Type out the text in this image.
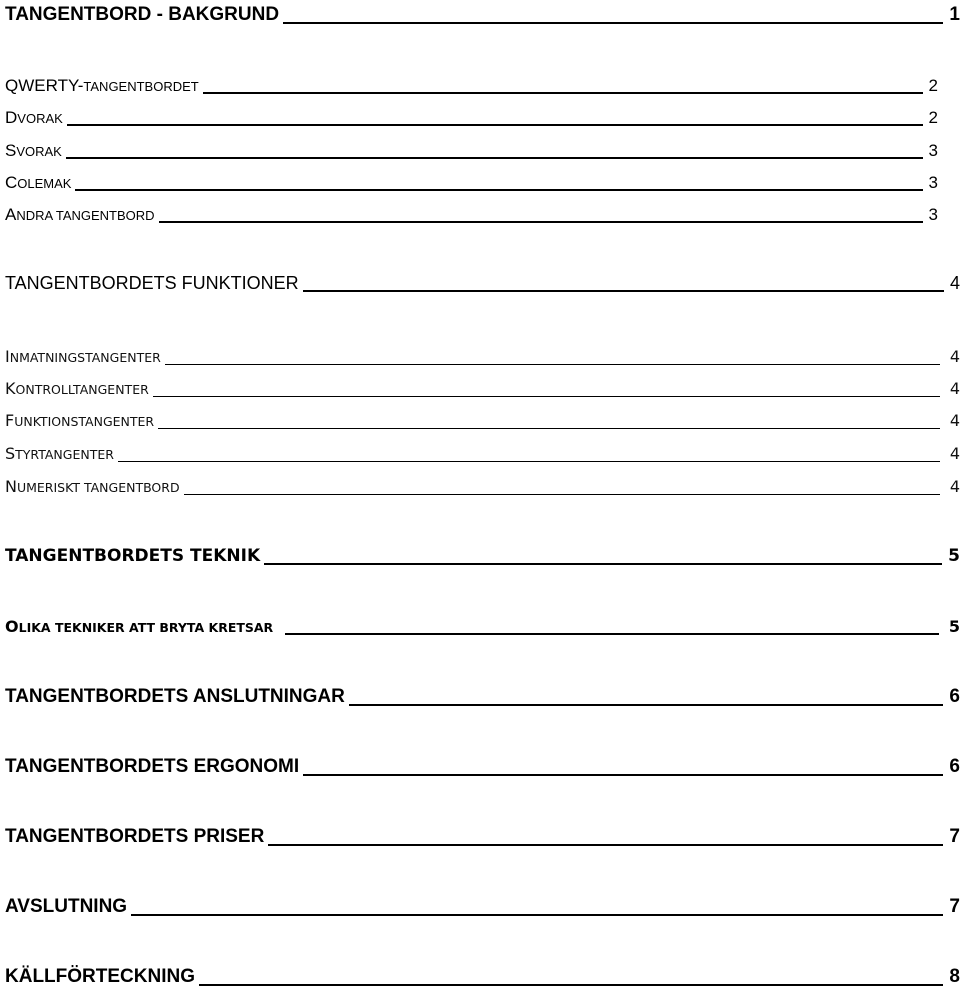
TANGENTBORD - BAKGRUND	1
QWERTY-TANGENTBORDET	2
DVORAK	2
SVORAK	3
COLEMAK	3
ANDRA TANGENTBORD	3
TANGENTBORDETS FUNKTIONER	4
INMATNINGSTANGENTER	4
KONTROLLTANGENTER	4
FUNKTIONSTANGENTER	4
STYRTANGENTER	4
NUMERISKT TANGENTBORD	4
TANGENTBORDETS TEKNIK	5
OLIKA TEKNIKER ATT BRYTA KRETSAR	5
TANGENTBORDETS ANSLUTNINGAR	6
TANGENTBORDETS ERGONOMI	6
TANGENTBORDETS PRISER	7
AVSLUTNING	7
KÄLLFÖRTECKNING	8
